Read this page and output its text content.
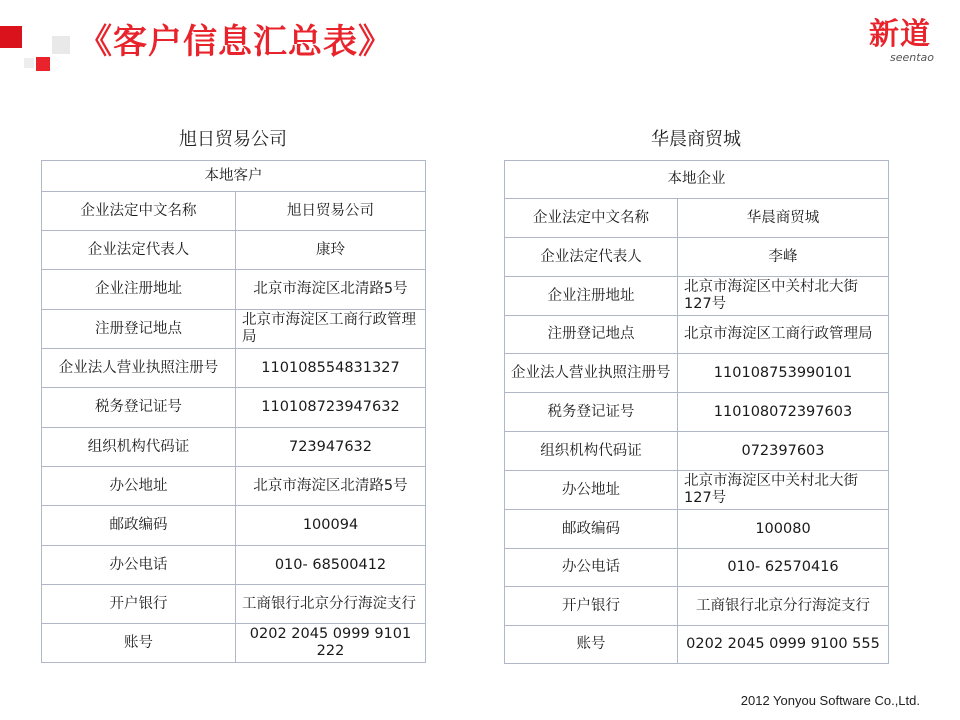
《客户信息汇总表》	新道
seentao
旭日贸易公司
本地客户	
企业法定中文名称	旭日贸易公司
企业法定代表人	康玲
企业注册地址	北京市海淀区北清路5号
注册登记地点	北京市海淀区工商行政管理局
企业法人营业执照注册号	110108554831327
税务登记证号	110108723947632
组织机构代码证	723947632
办公地址	北京市海淀区北清路5号
邮政编码	100094
办公电话	010- 68500412
开户银行	工商银行北京分行海淀支行
账号	0202 2045 0999 9101 222
华晨商贸城
本地企业	
企业法定中文名称	华晨商贸城
企业法定代表人	李峰
企业注册地址	北京市海淀区中关村北大街127号
注册登记地点	北京市海淀区工商行政管理局
企业法人营业执照注册号	110108753990101
税务登记证号	110108072397603
组织机构代码证	072397603
办公地址	北京市海淀区中关村北大街127号
邮政编码	100080
办公电话	010- 62570416
开户银行	工商银行北京分行海淀支行
账号	0202 2045 0999 9100 555
2012 Yonyou Software Co.,Ltd.
